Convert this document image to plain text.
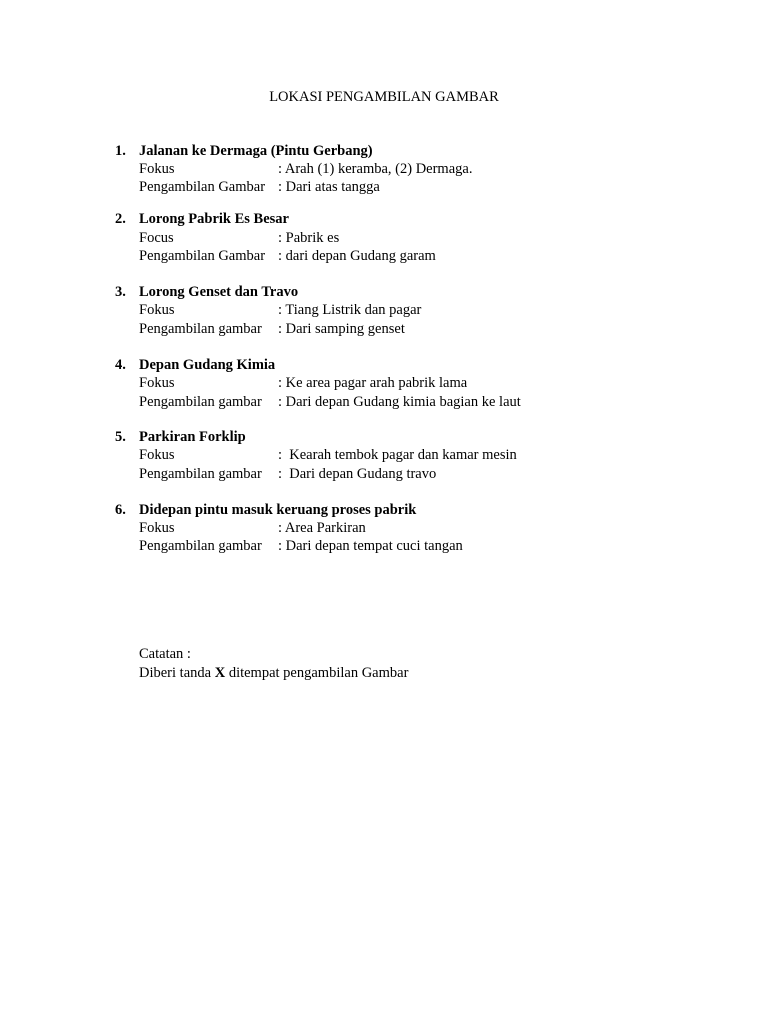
LOKASI PENGAMBILAN GAMBAR
1. Jalanan ke Dermaga (Pintu Gerbang)
Fokus	: Arah (1) keramba, (2) Dermaga.
Pengambilan Gambar : Dari atas tangga
2. Lorong Pabrik Es Besar
Focus	: Pabrik es
Pengambilan Gambar : dari depan Gudang garam
3. Lorong Genset dan Travo
Fokus	: Tiang Listrik dan pagar
Pengambilan gambar : Dari samping genset
4. Depan Gudang Kimia
Fokus	: Ke area pagar arah pabrik lama
Pengambilan gambar : Dari depan Gudang kimia bagian ke laut
5. Parkiran Forklip
Fokus	:  Kearah tembok pagar dan kamar mesin
Pengambilan gambar :  Dari depan Gudang travo
6. Didepan pintu masuk keruang proses pabrik
Fokus	: Area Parkiran
Pengambilan gambar : Dari depan tempat cuci tangan
Catatan :
Diberi tanda X ditempat pengambilan Gambar
